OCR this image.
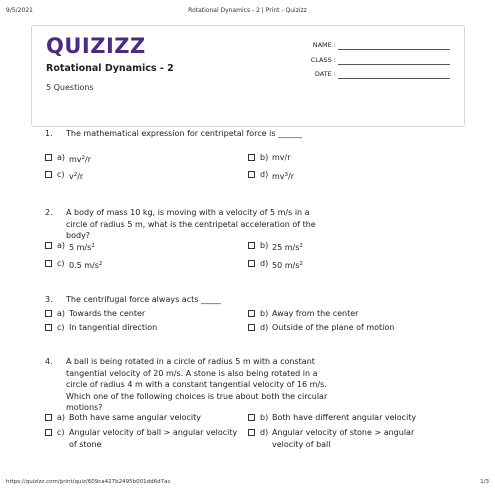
9/5/2021	Rotational Dynamics - 2 | Print - Quizizz
QUIZIZZ
Rotational Dynamics - 2
5 Questions
NAME :
CLASS :
DATE :
1. The mathematical expression for centripetal force is ______
a) $mv^2/r$	b) mv/r
c) $v^2/r$	d) $mv^3/r$
2. A body of mass 10 kg, is moving with a velocity of 5 m/s in a circle of radius 5 m, what is the centripetal acceleration of the body?
a) 5 $m/s^2$	b) 25 $m/s^2$
c) 0.5 $m/s^2$	d) 50 $m/s^2$
3. The centrifugal force always acts _____
a) Towards the center	b) Away from the center
c) In tangential direction	d) Outside of the plane of motion
4. A ball is being rotated in a circle of radius 5 m with a constant tangential velocity of 20 m/s. A stone is also being rotated in a circle of radius 4 m with a constant tangential velocity of 16 m/s. Which one of the following choices is true about both the circular motions?
a) Both have same angular velocity	b) Both have different angular velocity
c) Angular velocity of ball > angular velocity of stone
d) Angular velocity of stone > angular velocity of ball
https://quizizz.com/print/quiz/609ca427b2495b001dd6d7ac	1/3
